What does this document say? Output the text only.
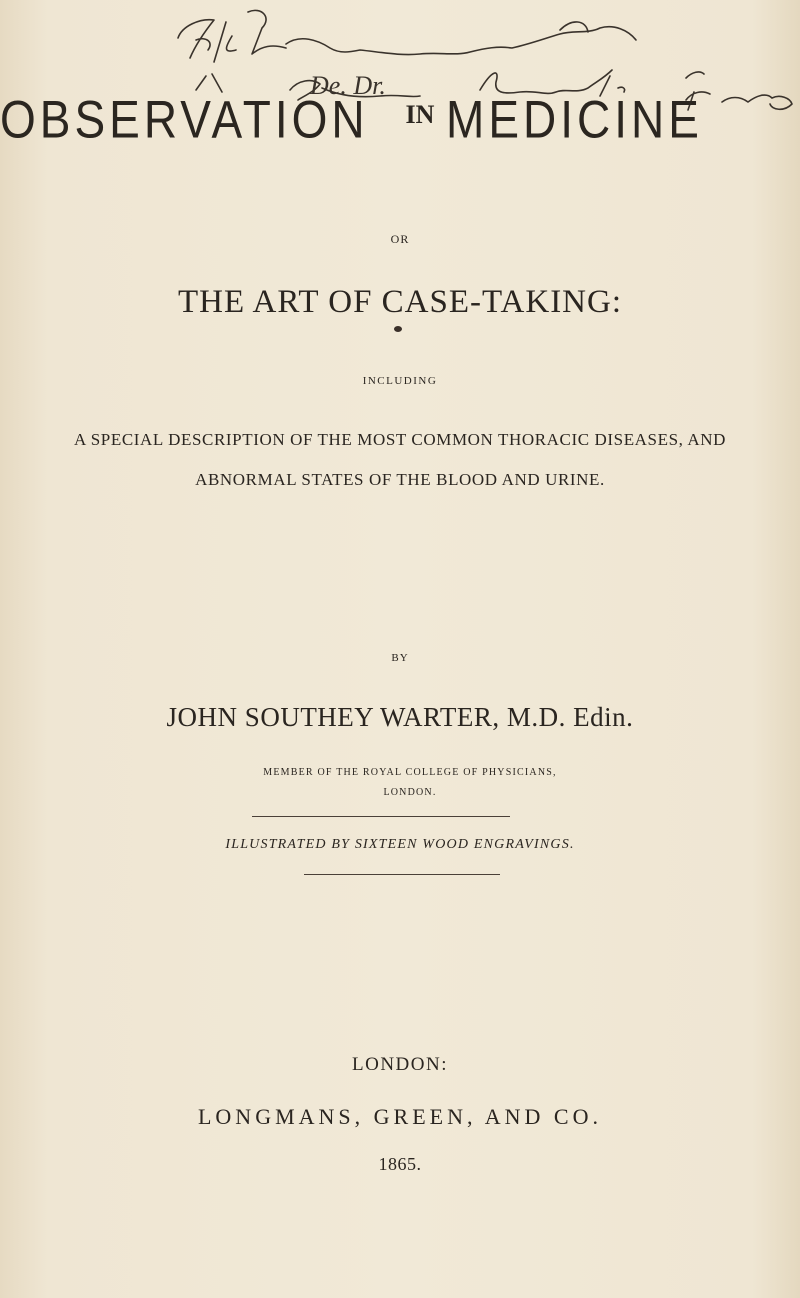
De. Dr.
OBSERVATION IN MEDICINE
OR
THE ART OF CASE-TAKING:
INCLUDING
A SPECIAL DESCRIPTION OF THE MOST COMMON THORACIC DISEASES, AND ABNORMAL STATES OF THE BLOOD AND URINE.
BY
JOHN SOUTHEY WARTER, M.D. Edin.
MEMBER OF THE ROYAL COLLEGE OF PHYSICIANS,
LONDON.
ILLUSTRATED BY SIXTEEN WOOD ENGRAVINGS.
LONDON:
LONGMANS, GREEN, AND CO.
1865.
